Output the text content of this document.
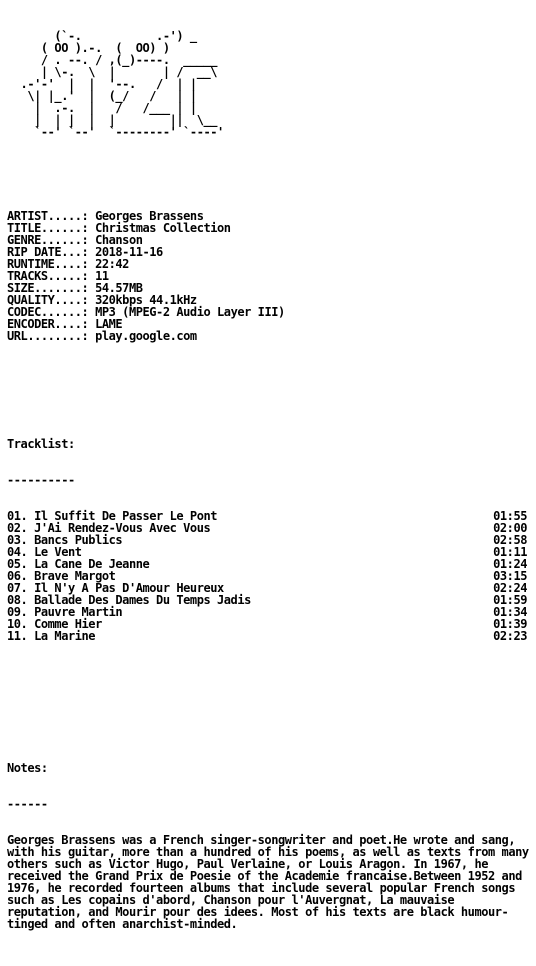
(`-.           .-') _
( OO ).-.  (  OO) )
/ . --. / ,(_)----.  _____
| \-.  \  |       | /  __\
.-'-'  |  |  '--.   /  | |
\| |_.'  |  (_/   /   | |
|  .-.  |   /   /___ | |
|  | |  |  |        ||  \__
`--' `--'  `--------' `----'

ARTIST.....: Georges Brassens
TITLE......: Christmas Collection
GENRE......: Chanson
RIP DATE...: 2018-11-16
RUNTIME....: 22:42
TRACKS.....: 11
SIZE.......: 54.57MB
QUALITY....: 320kbps 44.1kHz
CODEC......: MP3 (MPEG-2 Audio Layer III)
ENCODER....: LAME
URL........: play.google.com

Tracklist:

----------

01. Il Suffit De Passer Le Pont	01:55
02. J'Ai Rendez-Vous Avec Vous	02:00
03. Bancs Publics	02:58
04. Le Vent	01:11
05. La Cane De Jeanne	01:24
06. Brave Margot	03:15
07. Il N'y A Pas D'Amour Heureux	02:24
08. Ballade Des Dames Du Temps Jadis	01:59
09. Pauvre Martin	01:34
10. Comme Hier	01:39
11. La Marine	02:23

Notes:

------

Georges Brassens was a French singer-songwriter and poet.He wrote and sang, with his guitar, more than a hundred of his poems, as well as texts from many others such as Victor Hugo, Paul Verlaine, or Louis Aragon. In 1967, he received the Grand Prix de Poesie of the Academie francaise.Between 1952 and 1976, he recorded fourteen albums that include several popular French songs such as Les copains d'abord, Chanson pour l'Auvergnat, La mauvaise reputation, and Mourir pour des idees. Most of his texts are black humour-tinged and often anarchist-minded.
